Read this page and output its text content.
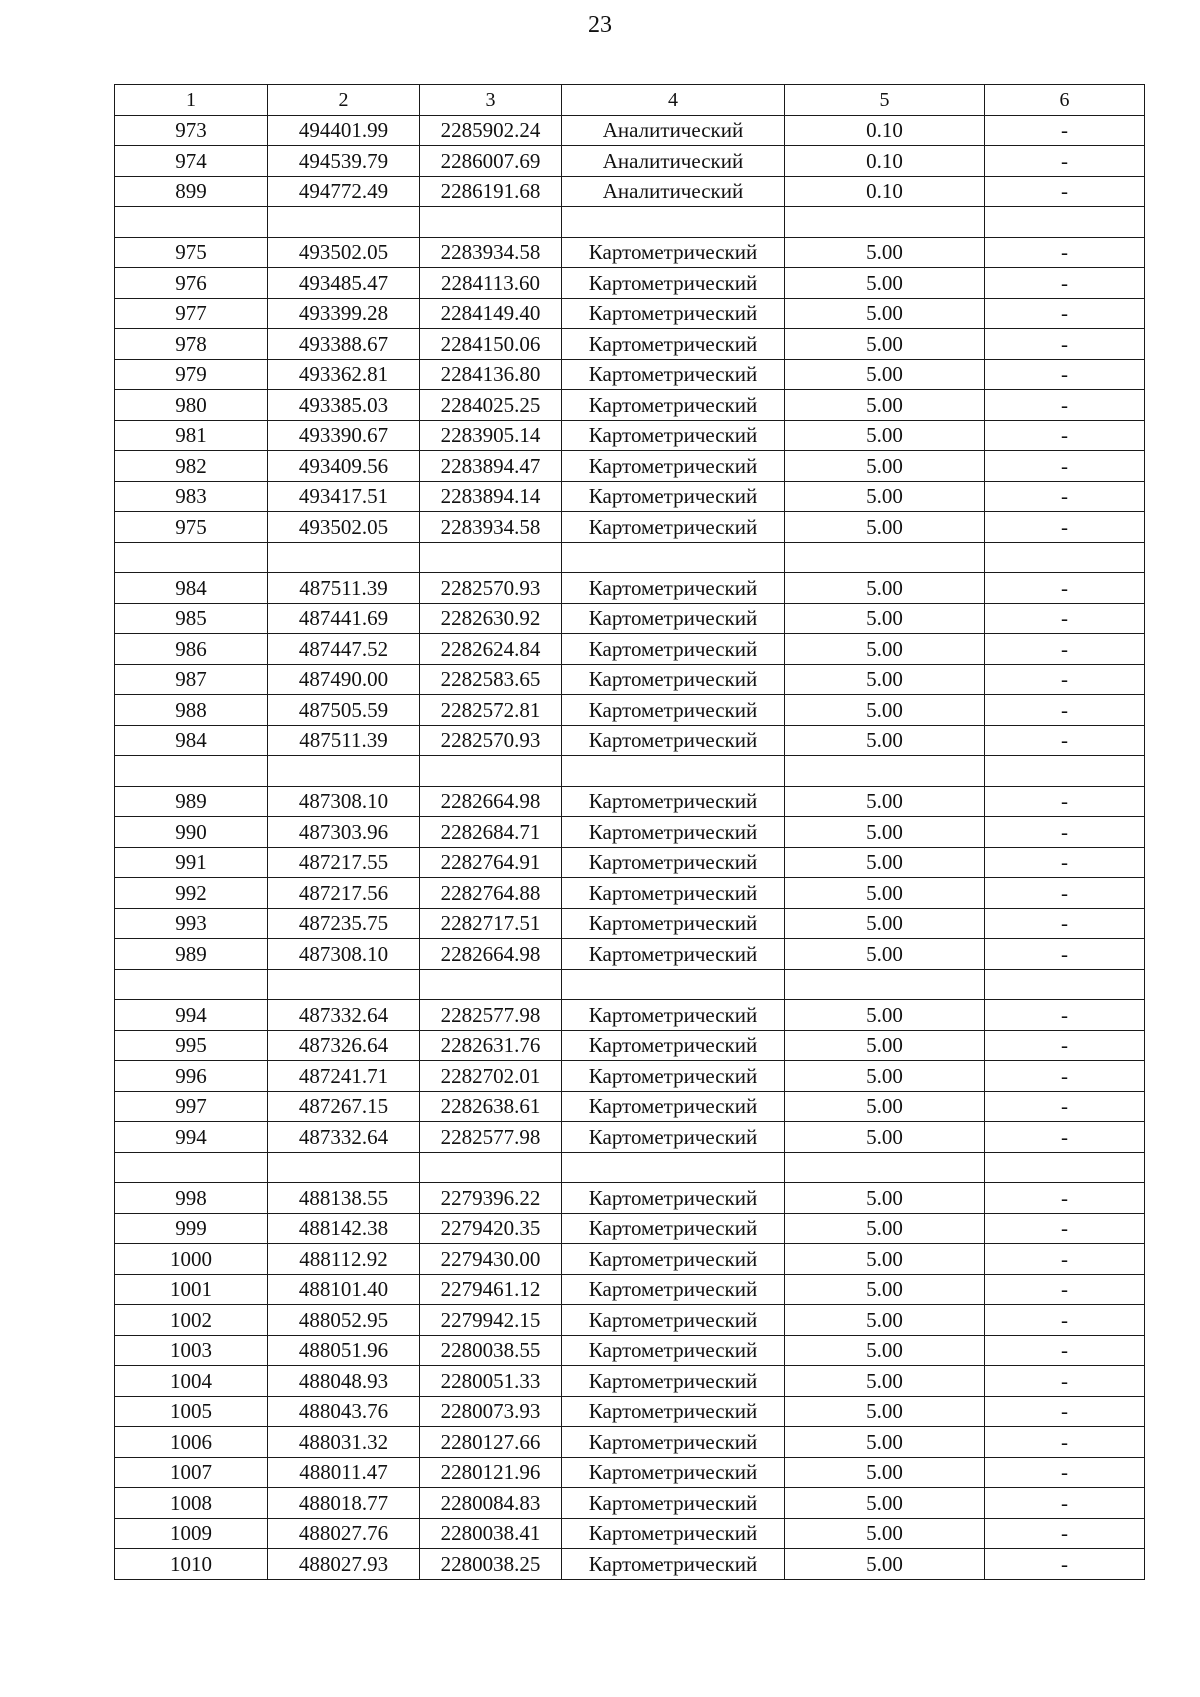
23
1	2	3	4	5	6
973	494401.99	2285902.24	Аналитический	0.10	-
974	494539.79	2286007.69	Аналитический	0.10	-
899	494772.49	2286191.68	Аналитический	0.10	-

975	493502.05	2283934.58	Картометрический	5.00	-
976	493485.47	2284113.60	Картометрический	5.00	-
977	493399.28	2284149.40	Картометрический	5.00	-
978	493388.67	2284150.06	Картометрический	5.00	-
979	493362.81	2284136.80	Картометрический	5.00	-
980	493385.03	2284025.25	Картометрический	5.00	-
981	493390.67	2283905.14	Картометрический	5.00	-
982	493409.56	2283894.47	Картометрический	5.00	-
983	493417.51	2283894.14	Картометрический	5.00	-
975	493502.05	2283934.58	Картометрический	5.00	-

984	487511.39	2282570.93	Картометрический	5.00	-
985	487441.69	2282630.92	Картометрический	5.00	-
986	487447.52	2282624.84	Картометрический	5.00	-
987	487490.00	2282583.65	Картометрический	5.00	-
988	487505.59	2282572.81	Картометрический	5.00	-
984	487511.39	2282570.93	Картометрический	5.00	-

989	487308.10	2282664.98	Картометрический	5.00	-
990	487303.96	2282684.71	Картометрический	5.00	-
991	487217.55	2282764.91	Картометрический	5.00	-
992	487217.56	2282764.88	Картометрический	5.00	-
993	487235.75	2282717.51	Картометрический	5.00	-
989	487308.10	2282664.98	Картометрический	5.00	-

994	487332.64	2282577.98	Картометрический	5.00	-
995	487326.64	2282631.76	Картометрический	5.00	-
996	487241.71	2282702.01	Картометрический	5.00	-
997	487267.15	2282638.61	Картометрический	5.00	-
994	487332.64	2282577.98	Картометрический	5.00	-

998	488138.55	2279396.22	Картометрический	5.00	-
999	488142.38	2279420.35	Картометрический	5.00	-
1000	488112.92	2279430.00	Картометрический	5.00	-
1001	488101.40	2279461.12	Картометрический	5.00	-
1002	488052.95	2279942.15	Картометрический	5.00	-
1003	488051.96	2280038.55	Картометрический	5.00	-
1004	488048.93	2280051.33	Картометрический	5.00	-
1005	488043.76	2280073.93	Картометрический	5.00	-
1006	488031.32	2280127.66	Картометрический	5.00	-
1007	488011.47	2280121.96	Картометрический	5.00	-
1008	488018.77	2280084.83	Картометрический	5.00	-
1009	488027.76	2280038.41	Картометрический	5.00	-
1010	488027.93	2280038.25	Картометрический	5.00	-
